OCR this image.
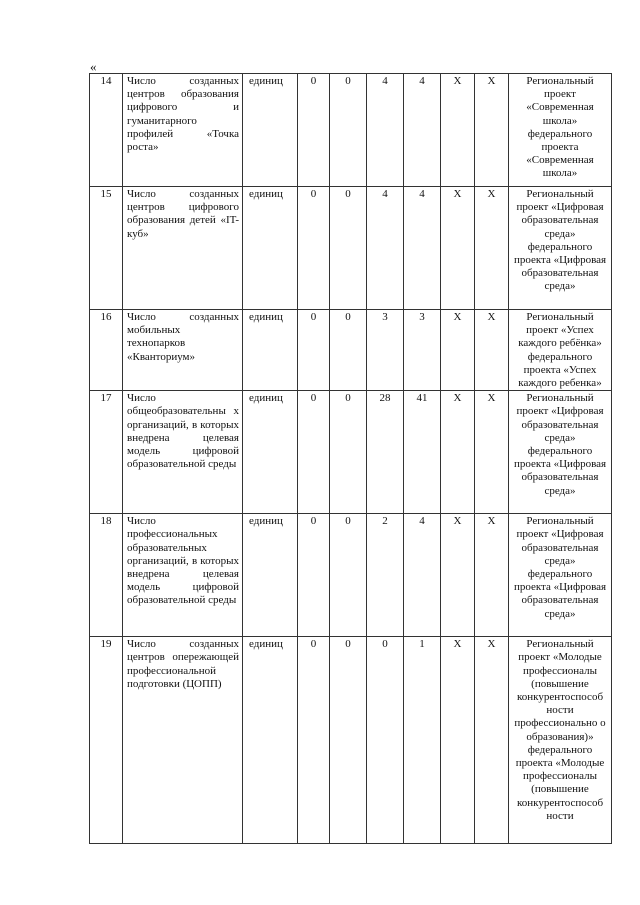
«
14	Число созданных центров образования цифрового и гуманитарного профилей «Точка роста»	единиц	0	0	4	4	Х	Х	Региональный проект «Современная школа» федерального проекта «Современная школа»
15	Число созданных центров цифрового образования детей «IT-куб»	единиц	0	0	4	4	Х	Х	Региональный проект «Цифровая образовательная среда» федерального проекта «Цифровая образовательная среда»
16	Число созданных мобильных технопарков «Кванториум»	единиц	0	0	3	3	Х	Х	Региональный проект «Успех каждого ребёнка» федерального проекта «Успех каждого ребенка»
17	Число общеобразовательны х организаций, в которых внедрена целевая модель цифровой образовательной среды	единиц	0	0	28	41	Х	Х	Региональный проект «Цифровая образовательная среда» федерального проекта «Цифровая образовательная среда»
18	Число профессиональных образовательных организаций, в которых внедрена целевая модель цифровой образовательной среды	единиц	0	0	2	4	Х	Х	Региональный проект «Цифровая образовательная среда» федерального проекта «Цифровая образовательная среда»
19	Число созданных центров опережающей профессиональной подготовки (ЦОПП)	единиц	0	0	0	1	Х	Х	Региональный проект «Молодые профессионалы (повышение конкурентоспособ ности профессионально о образования)» федерального проекта «Молодые профессионалы (повышение конкурентоспособ ности
